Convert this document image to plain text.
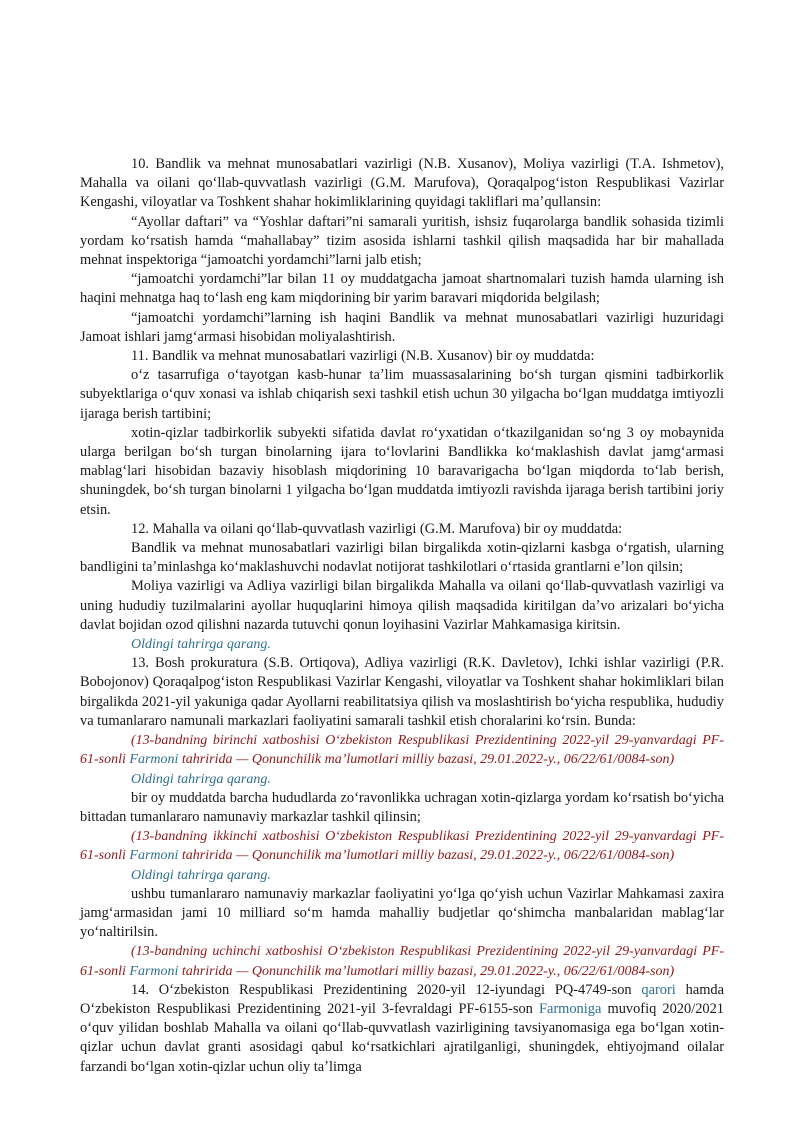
10. Bandlik va mehnat munosabatlari vazirligi (N.B. Xusanov), Moliya vazirligi (T.A. Ishmetov), Mahalla va oilani qoʻllab-quvvatlash vazirligi (G.M. Marufova), Qoraqalpogʻiston Respublikasi Vazirlar Kengashi, viloyatlar va Toshkent shahar hokimliklarining quyidagi takliflari maʼqullansin:

“Ayollar daftari” va “Yoshlar daftari”ni samarali yuritish, ishsiz fuqarolarga bandlik sohasida tizimli yordam koʻrsatish hamda “mahallabay” tizim asosida ishlarni tashkil qilish maqsadida har bir mahallada mehnat inspektoriga “jamoatchi yordamchi”larni jalb etish;

“jamoatchi yordamchi”lar bilan 11 oy muddatgacha jamoat shartnomalari tuzish hamda ularning ish haqini mehnatga haq toʻlash eng kam miqdorining bir yarim baravari miqdorida belgilash;

“jamoatchi yordamchi”larning ish haqini Bandlik va mehnat munosabatlari vazirligi huzuridagi Jamoat ishlari jamgʻarmasi hisobidan moliyalashtirish.

11. Bandlik va mehnat munosabatlari vazirligi (N.B. Xusanov) bir oy muddatda:

oʻz tasarrufiga oʻtayotgan kasb-hunar taʼlim muassasalarining boʻsh turgan qismini tadbirkorlik subyektlariga oʻquv xonasi va ishlab chiqarish sexi tashkil etish uchun 30 yilgacha boʻlgan muddatga imtiyozli ijaraga berish tartibini;

xotin-qizlar tadbirkorlik subyekti sifatida davlat roʻyxatidan oʻtkazilganidan soʻng 3 oy mobaynida ularga berilgan boʻsh turgan binolarning ijara toʻlovlarini Bandlikka koʻmaklashish davlat jamgʻarmasi mablagʻlari hisobidan bazaviy hisoblash miqdorining 10 baravarigacha boʻlgan miqdorda toʻlab berish, shuningdek, boʻsh turgan binolarni 1 yilgacha boʻlgan muddatda imtiyozli ravishda ijaraga berish tartibini joriy etsin.

12. Mahalla va oilani qoʻllab-quvvatlash vazirligi (G.M. Marufova) bir oy muddatda:

Bandlik va mehnat munosabatlari vazirligi bilan birgalikda xotin-qizlarni kasbga oʻrgatish, ularning bandligini taʼminlashga koʻmaklashuvchi nodavlat notijorat tashkilotlari oʻrtasida grantlarni eʼlon qilsin;

Moliya vazirligi va Adliya vazirligi bilan birgalikda Mahalla va oilani qoʻllab-quvvatlash vazirligi va uning hududiy tuzilmalarini ayollar huquqlarini himoya qilish maqsadida kiritilgan daʼvo arizalari boʻyicha davlat bojidan ozod qilishni nazarda tutuvchi qonun loyihasini Vazirlar Mahkamasiga kiritsin.

Oldingi tahrirga qarang.

13. Bosh prokuratura (S.B. Ortiqova), Adliya vazirligi (R.K. Davletov), Ichki ishlar vazirligi (P.R. Bobojonov) Qoraqalpogʻiston Respublikasi Vazirlar Kengashi, viloyatlar va Toshkent shahar hokimliklari bilan birgalikda 2021-yil yakuniga qadar Ayollarni reabilitatsiya qilish va moslashtirish boʻyicha respublika, hududiy va tumanlararo namunali markazlari faoliyatini samarali tashkil etish choralarini koʻrsin. Bunda:

(13-bandning birinchi xatboshisi Oʻzbekiston Respublikasi Prezidentining 2022-yil 29-yanvardagi PF-61-sonli Farmoni tahririda — Qonunchilik maʼlumotlari milliy bazasi, 29.01.2022-y., 06/22/61/0084-son)

Oldingi tahrirga qarang.

bir oy muddatda barcha hududlarda zoʻravonlikka uchragan xotin-qizlarga yordam koʻrsatish boʻyicha bittadan tumanlararo namunaviy markazlar tashkil qilinsin;

(13-bandning ikkinchi xatboshisi Oʻzbekiston Respublikasi Prezidentining 2022-yil 29-yanvardagi PF-61-sonli Farmoni tahririda — Qonunchilik maʼlumotlari milliy bazasi, 29.01.2022-y., 06/22/61/0084-son)

Oldingi tahrirga qarang.

ushbu tumanlararo namunaviy markazlar faoliyatini yoʻlga qoʻyish uchun Vazirlar Mahkamasi zaxira jamgʻarmasidan jami 10 milliard soʻm hamda mahalliy budjetlar qoʻshimcha manbalaridan mablagʻlar yoʻnaltirilsin.

(13-bandning uchinchi xatboshisi Oʻzbekiston Respublikasi Prezidentining 2022-yil 29-yanvardagi PF-61-sonli Farmoni tahririda — Qonunchilik maʼlumotlari milliy bazasi, 29.01.2022-y., 06/22/61/0084-son)

14. Oʻzbekiston Respublikasi Prezidentining 2020-yil 12-iyundagi PQ-4749-son qarori hamda Oʻzbekiston Respublikasi Prezidentining 2021-yil 3-fevraldagi PF-6155-son Farmoniga muvofiq 2020/2021 oʻquv yilidan boshlab Mahalla va oilani qoʻllab-quvvatlash vazirligining tavsiyanomasiga ega boʻlgan xotin-qizlar uchun davlat granti asosidagi qabul koʻrsatkichlari ajratilganligi, shuningdek, ehtiyojmand oilalar farzandi boʻlgan xotin-qizlar uchun oliy taʼlimga
